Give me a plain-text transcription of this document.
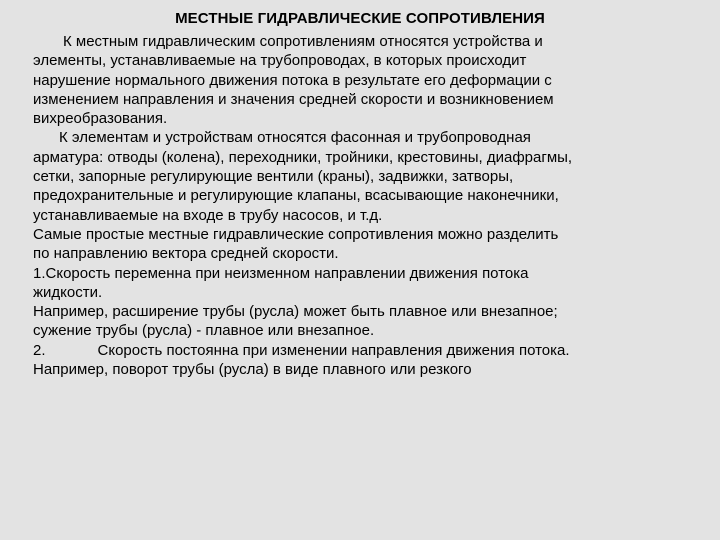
МЕСТНЫЕ ГИДРАВЛИЧЕСКИЕ СОПРОТИВЛЕНИЯ
К местным гидравлическим сопротивлениям относятся устройства и
элементы, устанавливаемые на трубопроводах, в которых происходит
нарушение нормального движения потока в результате его деформации с
изменением направления и значения средней скорости и возникновением
вихреобразования.
К элементам и устройствам относятся фасонная и трубопроводная
арматура: отводы (колена), переходники, тройники, крестовины, диафрагмы,
сетки, запорные регулирующие вентили (краны), задвижки, затворы,
предохранительные и регулирующие клапаны, всасывающие наконечники,
устанавливаемые на входе в трубу насосов, и т.д.
Самые простые местные гидравлические сопротивления можно разделить
по направлению вектора средней скорости.
1.Скорость переменна при неизменном направлении движения потока
жидкости.
Например, расширение трубы (русла) может быть плавное или внезапное;
сужение трубы (русла) - плавное или внезапное.
2.	Скорость постоянна при изменении направления движения потока.
Например, поворот трубы (русла) в виде плавного или резкого
